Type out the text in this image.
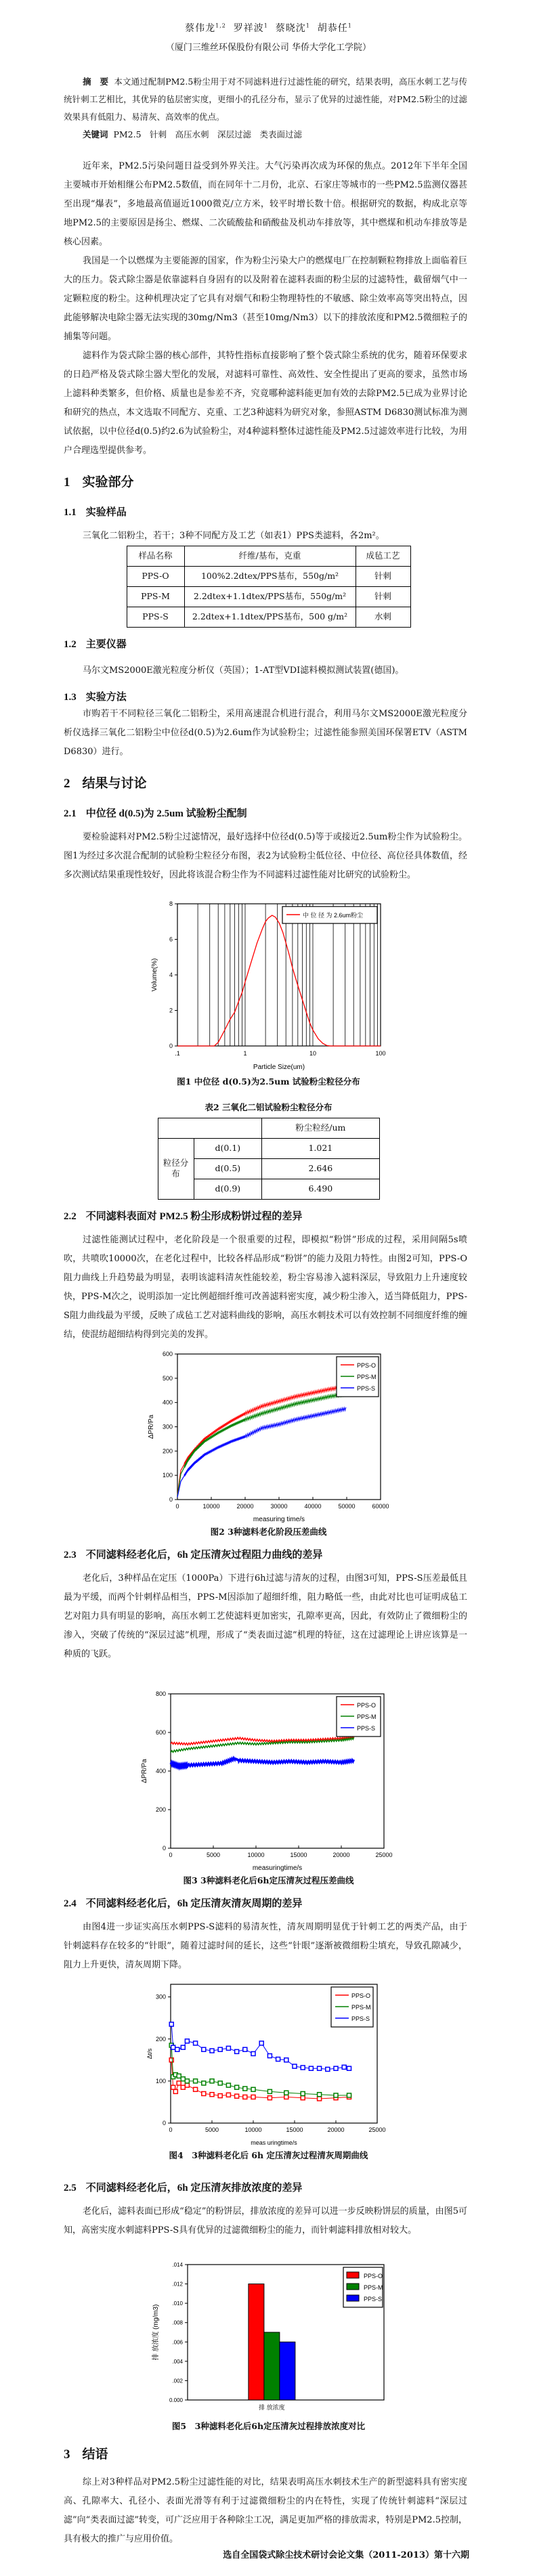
蔡伟龙$^{1,2}$ 罗祥波$^1$ 蔡晓沈$^1$ 胡恭任$^1$
（厦门三维丝环保股份有限公司 华侨大学化工学院）
摘　要 本文通过配制PM2.5粉尘用于对不同滤料进行过滤性能的研究，结果表明，高压水刺工艺与传统针刺工艺相比，其优异的毡层密实度，更细小的孔径分布，显示了优异的过滤性能，对PM2.5粉尘的过滤效果具有低阻力、易清灰、高效率的优点。
关键词 PM2.5　针刺　高压水刺　深层过滤　类表面过滤
近年来，PM2.5污染问题日益受到外界关注。大气污染再次成为环保的焦点。2012年下半年全国主要城市开始相继公布PM2.5数值，而在同年十二月份，北京、石家庄等城市的一些PM2.5监测仪器甚至出现“爆表”，多地最高值逼近1000微克/立方米，较平时增长数十倍。根据研究的数据，构成北京等地PM2.5的主要原因是扬尘、燃煤、二次硫酸盐和硝酸盐及机动车排放等，其中燃煤和机动车排放等是核心因素。
我国是一个以燃煤为主要能源的国家，作为粉尘污染大户的燃煤电厂在控制颗粒物排放上面临着巨大的压力。袋式除尘器是依靠滤料自身固有的以及附着在滤料表面的粉尘层的过滤特性，截留烟气中一定颗粒度的粉尘。这种机理决定了它具有对烟气和粉尘物理特性的不敏感、除尘效率高等突出特点，因此能够解决电除尘器无法实现的30mg/Nm3（甚至10mg/Nm3）以下的排放浓度和PM2.5微细粒子的捕集等问题。
滤料作为袋式除尘器的核心部件，其特性指标直接影响了整个袋式除尘系统的优劣，随着环保要求的日趋严格及袋式除尘器大型化的发展，对滤料可靠性、高效性、安全性提出了更高的要求，虽然市场上滤料种类繁多，但价格、质量也是参差不齐，究竟哪种滤料能更加有效的去除PM2.5已成为业界讨论和研究的热点，本文选取不同配方、克重、工艺3种滤料为研究对象，参照ASTM D6830测试标准为测试依据，以中位径d(0.5)约2.6为试验粉尘，对4种滤料整体过滤性能及PM2.5过滤效率进行比较，为用户合理选型提供参考。
1 实验部分
1.1 实验样品
三氧化二铝粉尘，若干；3种不同配方及工艺（如表1）PPS类滤料，各2m²。
样品名称	纤维/基布，克重	成毡工艺
PPS-O	100%2.2dtex/PPS基布，550g/m²	针刺
PPS-M	2.2dtex+1.1dtex/PPS基布，550g/m²	针刺
PPS-S	2.2dtex+1.1dtex/PPS基布，500 g/m²	水刺
1.2 主要仪器
马尔文MS2000E激光粒度分析仪（英国）；1-AT型VDI滤料模拟测试装置(德国)。
1.3 实验方法
市购若干不同粒径三氧化二铝粉尘，采用高速混合机进行混合，利用马尔文MS2000E激光粒度分析仪选择三氧化二铝粉尘中位径d(0.5)为2.6um作为试验粉尘；过滤性能参照美国环保署ETV（ASTM D6830）进行。
2 结果与讨论
2.1 中位径 d(0.5)为 2.5um 试验粉尘配制
要检验滤料对PM2.5粉尘过滤情况，最好选择中位径d(0.5)等于或接近2.5um粉尘作为试验粉尘。图1为经过多次混合配制的试验粉尘粒径分布图，表2为试验粉尘低位径、中位径、高位径具体数值，经多次测试结果重现性较好，因此将该混合粉尘作为不同滤料过滤性能对比研究的试验粉尘。
0
2
4
6
8
.1	1	10	100
Particle Size(um)
Volume(%)
中 位 径 为 2.6um粉尘
图1 中位径 d(0.5)为2.5um 试验粉尘粒径分布
表2 三氧化二铝试验粉尘粒径分布
		粉尘粒经/um
粒径分布	d(0.1)	1.021
	d(0.5)	2.646
	d(0.9)	6.490
2.2 不同滤料表面对 PM2.5 粉尘形成粉饼过程的差异
过滤性能测试过程中，老化阶段是一个很重要的过程，即模拟“粉饼”形成的过程，采用间隔5s喷吹，共喷吹10000次，在老化过程中，比较各样品形成“粉饼”的能力及阻力特性。由图2可知，PPS-O阻力曲线上升趋势最为明显，表明该滤料清灰性能较差，粉尘容易渗入滤料深层，导致阻力上升速度较快，PPS-M次之，说明添加一定比例超细纤维可改善滤料密实度，减少粉尘渗入，适当降低阻力，PPS-S阻力曲线最为平缓，反映了成毡工艺对滤料曲线的影响，高压水刺技术可以有效控制不同细度纤维的缠结，使混纺超细结构得到完美的发挥。
0
100
200
300
400
500
600
0	10000	20000	30000	40000	50000	60000
measuring time/s
ΔPR/Pa
PPS-O
PPS-M
PPS-S
图2 3种滤料老化阶段压差曲线
2.3 不同滤料经老化后，6h 定压清灰过程阻力曲线的差异
老化后，3种样品在定压（1000Pa）下进行6h过滤与清灰的过程，由图3可知，PPS-S压差最低且最为平缓，而两个针刺样品相当，PPS-M因添加了超细纤维，阻力略低一些，由此对比也可证明成毡工艺对阻力具有明显的影响，高压水刺工艺使滤料更加密实，孔隙率更高，因此，有效防止了微细粉尘的渗入，突破了传统的“深层过滤”机理，形成了“类表面过滤”机理的特征，这在过滤理论上讲应该算是一种质的飞跃。
0
200
400
600
800
0	5000	10000	15000	20000	25000
measuringtime/s
ΔPR/Pa
PPS-O
PPS-M
PPS-S
图3 3种滤料老化后6h定压清灰过程压差曲线
2.4 不同滤料经老化后，6h 定压清灰清灰周期的差异
由图4进一步证实高压水刺PPS-S滤料的易清灰性，清灰周期明显优于针刺工艺的两类产品，由于针刺滤料存在较多的“针眼”，随着过滤时间的延长，这些“针眼”逐渐被微细粉尘填充，导致孔隙减少，阻力上升更快，清灰周期下降。
0
100
200
300
0	5000	10000	15000	20000	25000
meas uringtime/s
Δt/s
PPS-O
PPS-M
PPS-S
图4　3种滤料老化后 6h 定压清灰过程清灰周期曲线
2.5 不同滤料经老化后，6h 定压清灰排放浓度的差异
老化后，滤料表面已形成“稳定”的粉饼层，排放浓度的差异可以进一步反映粉饼层的质量，由图5可知，高密实度水刺滤料PPS-S具有优异的过滤微细粉尘的能力，而针刺滤料排放相对较大。
0.000
.002
.004
.006
.008
.010
.012
.014
排 放浓度
排 放浓度 (mg/m3)
PPS-O
PPS-M
PPS-S
图5　3种滤料老化后6h定压清灰过程排放浓度对比
3 结语
综上对3种样品对PM2.5粉尘过滤性能的对比，结果表明高压水刺技术生产的新型滤料具有密实度高、孔隙率大、孔径小、表面光滑等有利于过滤微细粉尘的内在特性，实现了传统针刺滤料“深层过滤”向“类表面过滤”转变，可广泛应用于各种除尘工况，满足更加严格的排放需求，特别是PM2.5控制，具有极大的推广与应用价值。
选自全国袋式除尘技术研讨会论文集（2011-2013）第十六期
